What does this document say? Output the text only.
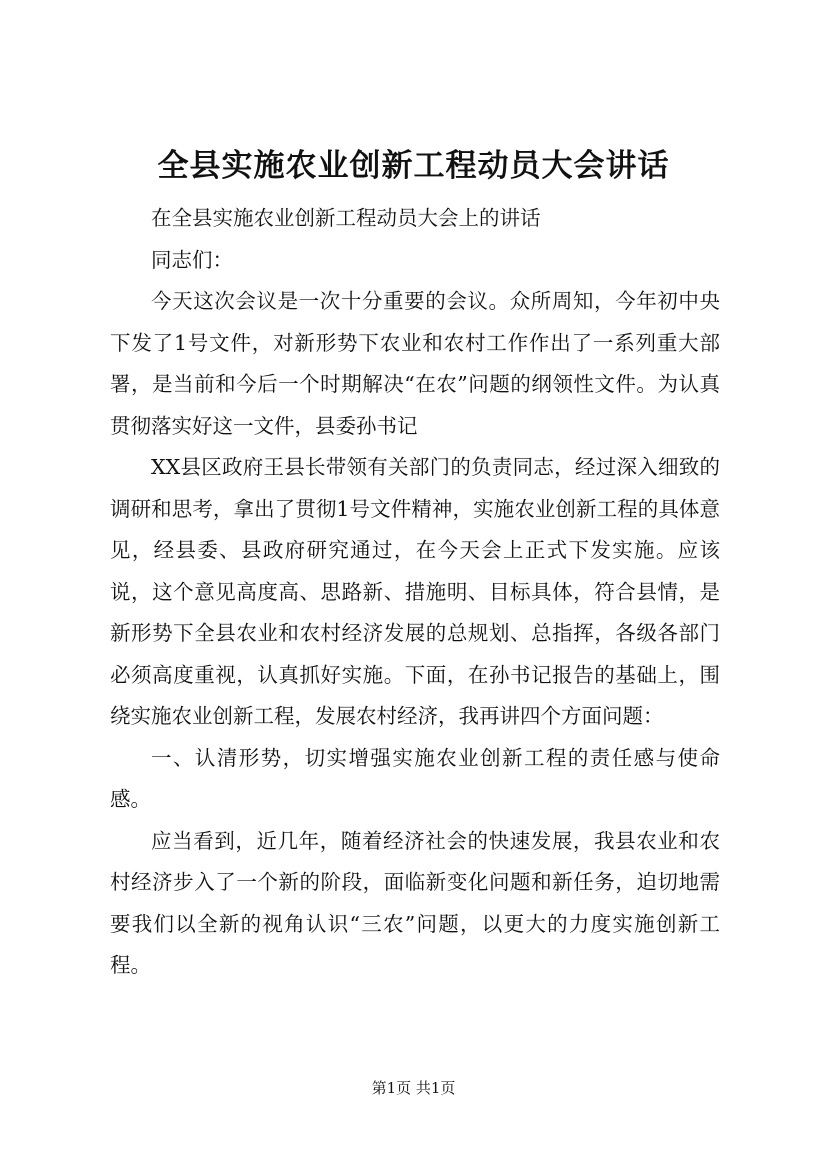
全县实施农业创新工程动员大会讲话

在全县实施农业创新工程动员大会上的讲话

同志们：

今天这次会议是一次十分重要的会议。众所周知，今年初中央下发了1号文件，对新形势下农业和农村工作作出了一系列重大部署，是当前和今后一个时期解决“在农”问题的纲领性文件。为认真贯彻落实好这一文件，县委孙书记

XX县区政府王县长带领有关部门的负责同志，经过深入细致的调研和思考，拿出了贯彻1号文件精神，实施农业创新工程的具体意见，经县委、县政府研究通过，在今天会上正式下发实施。应该说，这个意见高度高、思路新、措施明、目标具体，符合县情，是新形势下全县农业和农村经济发展的总规划、总指挥，各级各部门必须高度重视，认真抓好实施。下面，在孙书记报告的基础上，围绕实施农业创新工程，发展农村经济，我再讲四个方面问题：

一、认清形势，切实增强实施农业创新工程的责任感与使命感。

应当看到，近几年，随着经济社会的快速发展，我县农业和农村经济步入了一个新的阶段，面临新变化问题和新任务，迫切地需要我们以全新的视角认识“三农”问题，以更大的力度实施创新工程。

第1页 共1页
